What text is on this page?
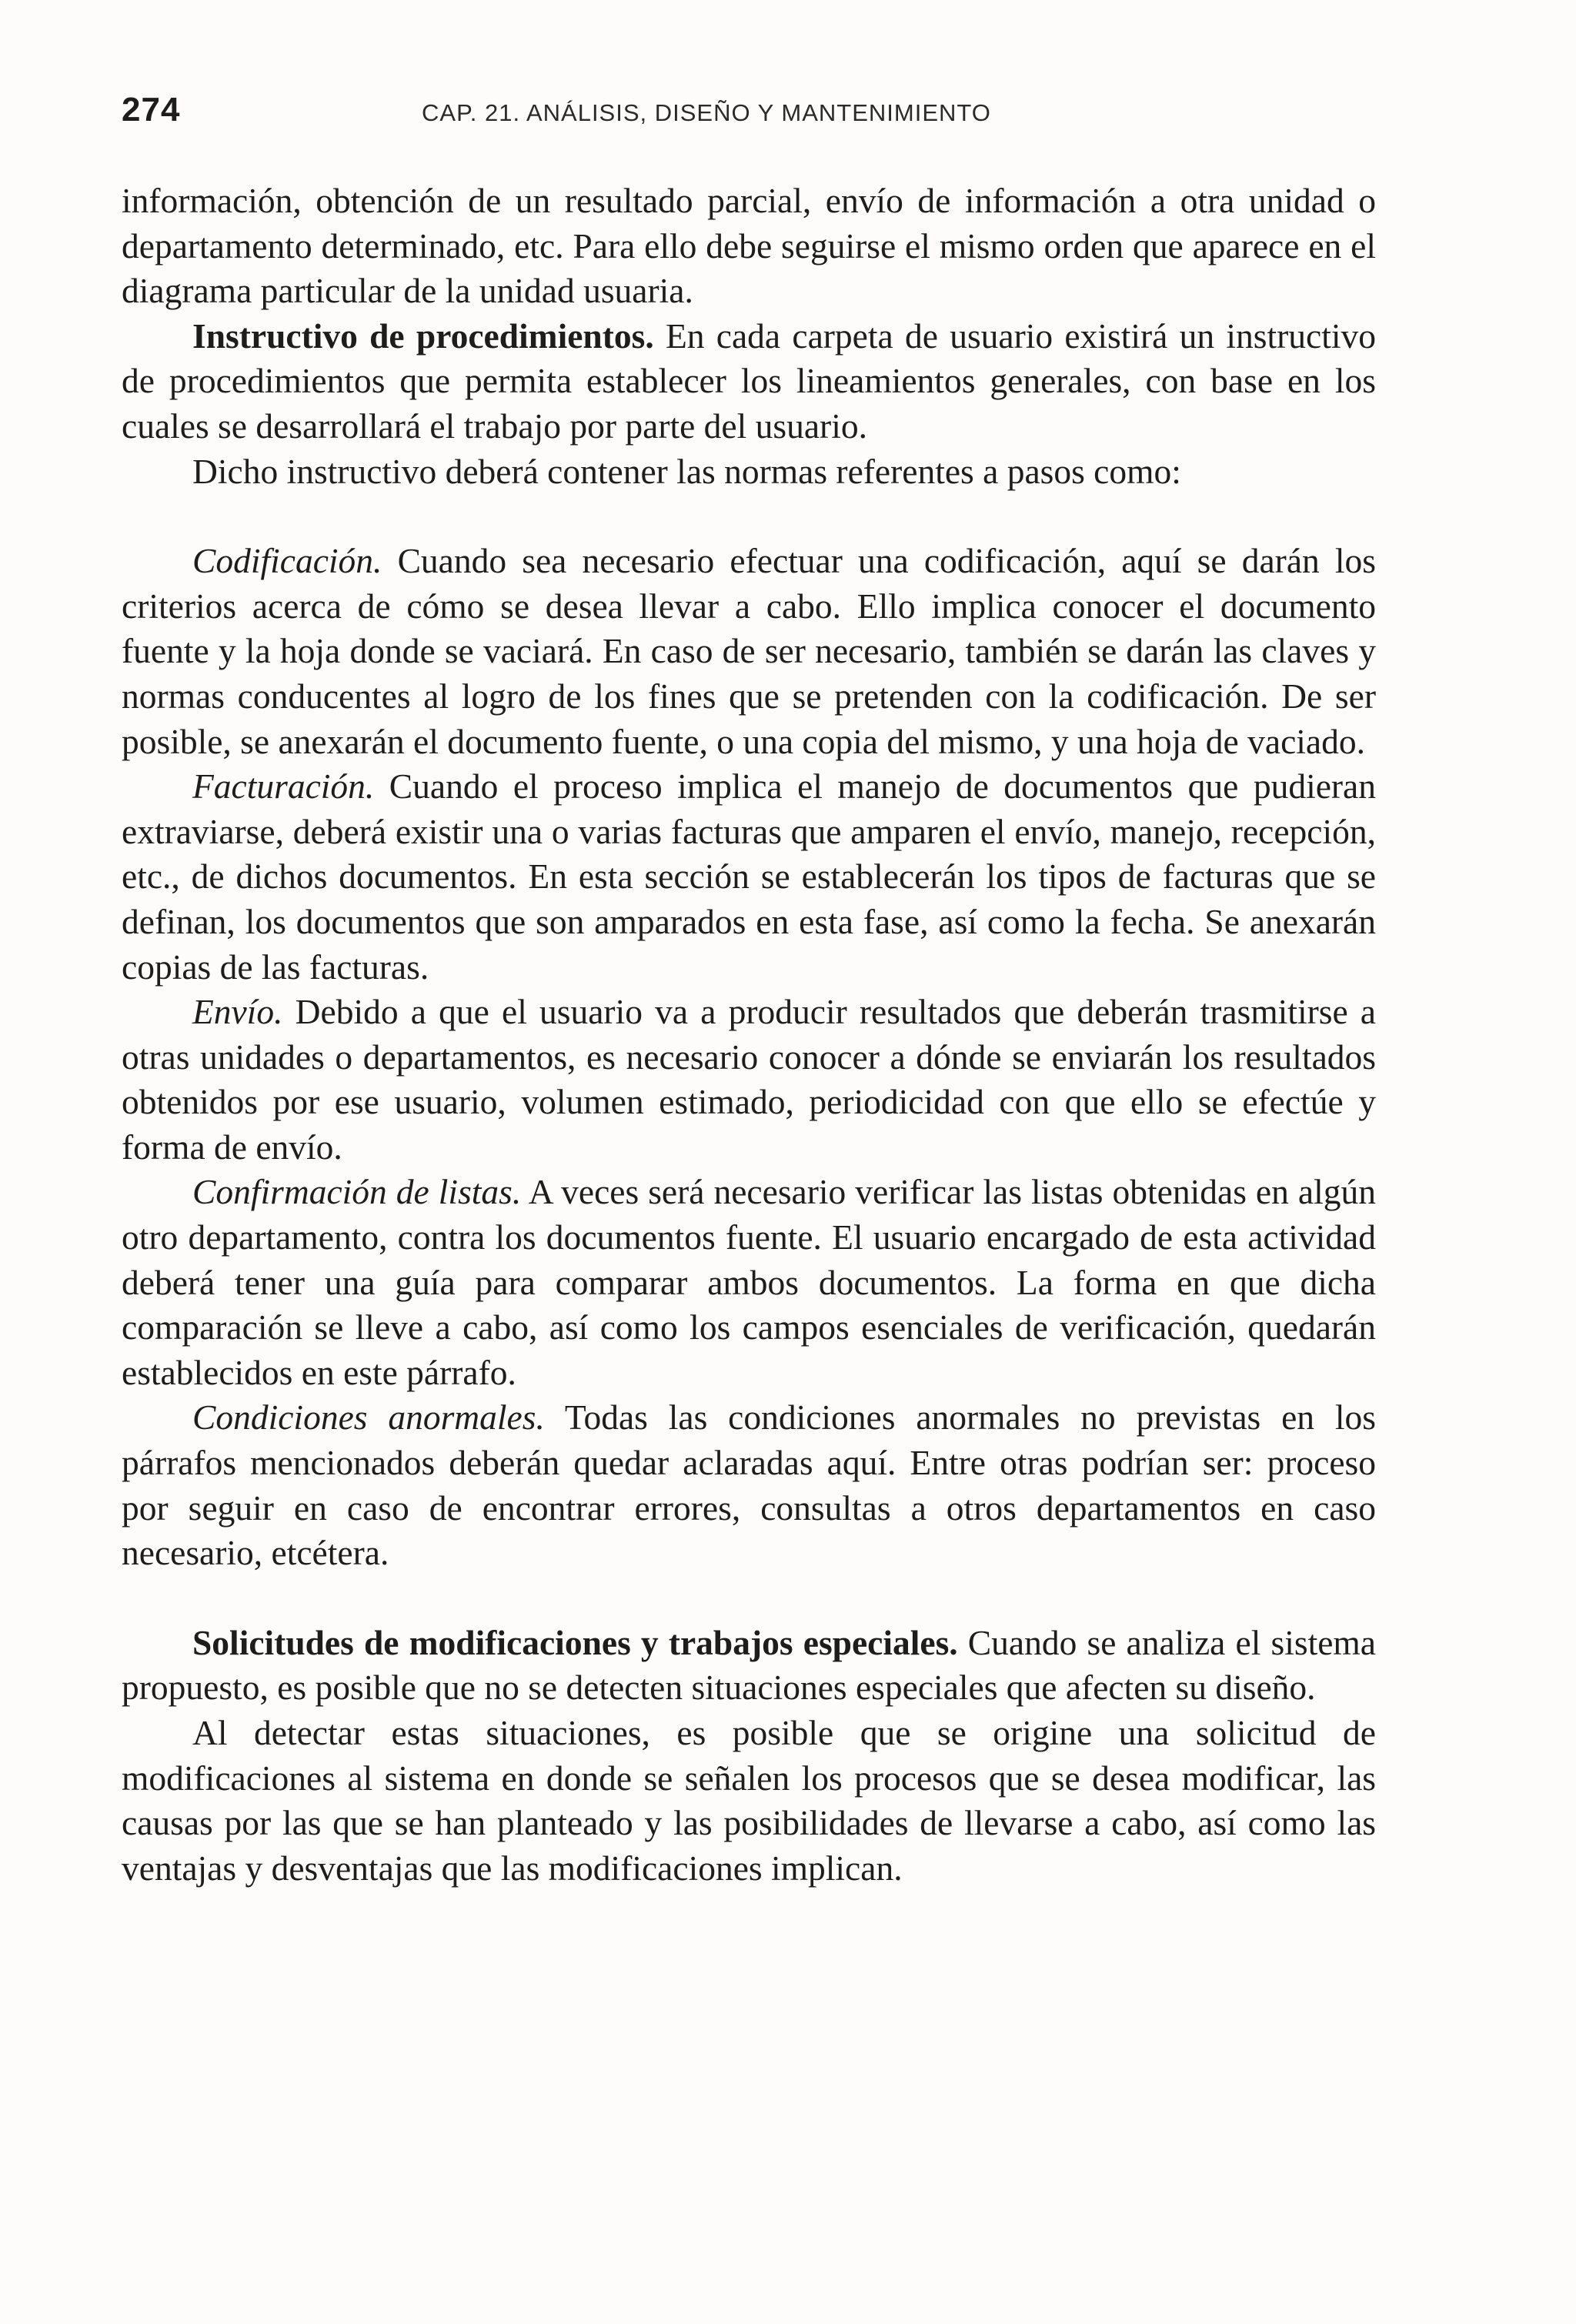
274	CAP. 21. ANÁLISIS, DISEÑO Y MANTENIMIENTO

información, obtención de un resultado parcial, envío de información a otra unidad o departamento determinado, etc. Para ello debe seguirse el mismo orden que aparece en el diagrama particular de la unidad usuaria.

Instructivo de procedimientos. En cada carpeta de usuario existirá un instructivo de procedimientos que permita establecer los lineamientos generales, con base en los cuales se desarrollará el trabajo por parte del usuario.

Dicho instructivo deberá contener las normas referentes a pasos como:

Codificación. Cuando sea necesario efectuar una codificación, aquí se darán los criterios acerca de cómo se desea llevar a cabo. Ello implica conocer el documento fuente y la hoja donde se vaciará. En caso de ser necesario, también se darán las claves y normas conducentes al logro de los fines que se pretenden con la codificación. De ser posible, se anexarán el documento fuente, o una copia del mismo, y una hoja de vaciado.

Facturación. Cuando el proceso implica el manejo de documentos que pudieran extraviarse, deberá existir una o varias facturas que amparen el envío, manejo, recepción, etc., de dichos documentos. En esta sección se establecerán los tipos de facturas que se definan, los documentos que son amparados en esta fase, así como la fecha. Se anexarán copias de las facturas.

Envío. Debido a que el usuario va a producir resultados que deberán trasmitirse a otras unidades o departamentos, es necesario conocer a dónde se enviarán los resultados obtenidos por ese usuario, volumen estimado, periodicidad con que ello se efectúe y forma de envío.

Confirmación de listas. A veces será necesario verificar las listas obtenidas en algún otro departamento, contra los documentos fuente. El usuario encargado de esta actividad deberá tener una guía para comparar ambos documentos. La forma en que dicha comparación se lleve a cabo, así como los campos esenciales de verificación, quedarán establecidos en este párrafo.

Condiciones anormales. Todas las condiciones anormales no previstas en los párrafos mencionados deberán quedar aclaradas aquí. Entre otras podrían ser: proceso por seguir en caso de encontrar errores, consultas a otros departamentos en caso necesario, etcétera.

Solicitudes de modificaciones y trabajos especiales. Cuando se analiza el sistema propuesto, es posible que no se detecten situaciones especiales que afecten su diseño.

Al detectar estas situaciones, es posible que se origine una solicitud de modificaciones al sistema en donde se señalen los procesos que se desea modificar, las causas por las que se han planteado y las posibilidades de llevarse a cabo, así como las ventajas y desventajas que las modificaciones implican.
